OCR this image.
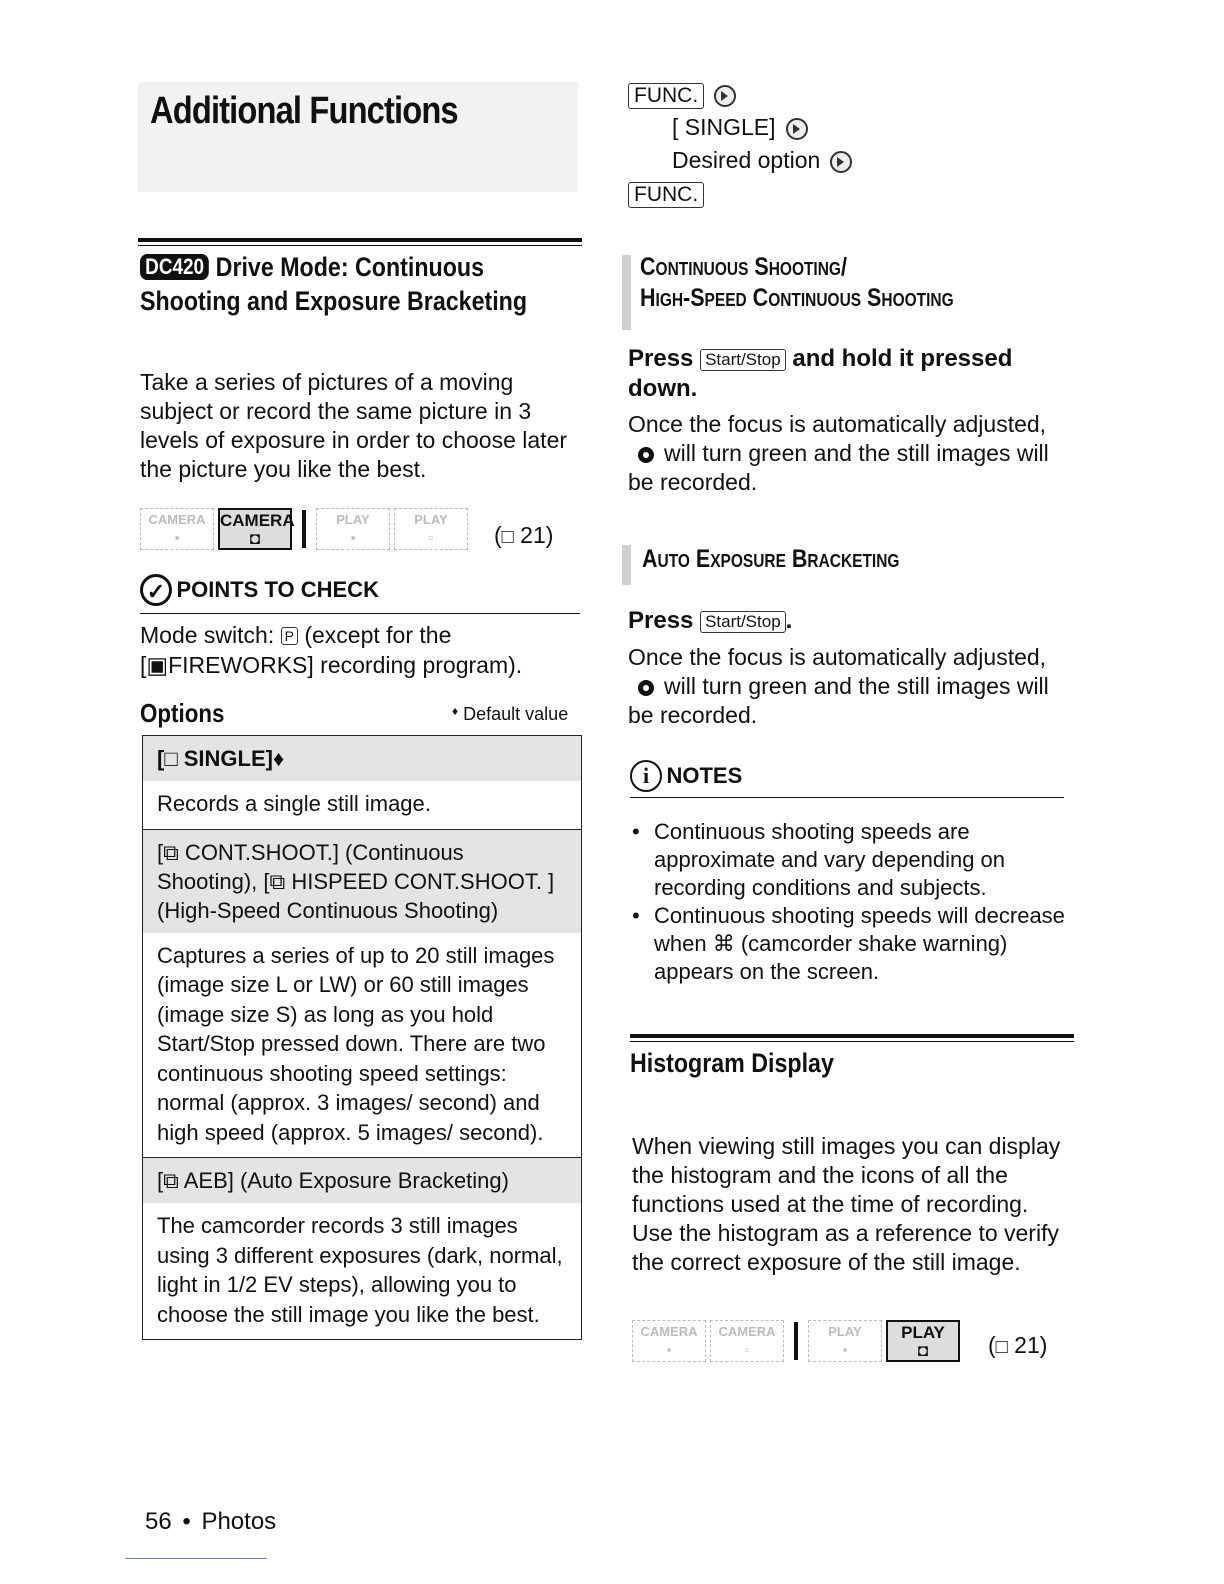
Additional Functions
DC420 Drive Mode: Continuous
Shooting and Exposure Bracketing
Take a series of pictures of a moving subject or record the same picture in 3 levels of exposure in order to choose later the picture you like the best.
CAMERA
▪
CAMERA
◘
PLAY
▪
PLAY
▫	(□ 21)
✓ POINTS TO CHECK
Mode switch: P (except for the
[▣FIREWORKS] recording program).
Options	♦ Default value
[□ SINGLE]♦
Records a single still image.
[⧉ CONT.SHOOT.] (Continuous Shooting), [⧉ HISPEED CONT.SHOOT. ] (High-Speed Continuous Shooting)
Captures a series of up to 20 still images (image size L or LW) or 60 still images (image size S) as long as you hold Start/Stop pressed down. There are two continuous shooting speed settings: normal (approx. 3 images/ second) and high speed (approx. 5 images/ second).
[⧉ AEB] (Auto Exposure Bracketing)
The camcorder records 3 still images using 3 different exposures (dark, normal, light in 1/2 EV steps), allowing you to choose the still image you like the best.
56 • Photos
FUNC.
[ SINGLE]
Desired option
FUNC.
Continuous Shooting/
High-Speed Continuous Shooting
Press Start/Stop and hold it pressed down.
Once the focus is automatically adjusted,will turn green and the still images will be recorded.
Auto Exposure Bracketing
Press Start/Stop .
Once the focus is automatically adjusted,will turn green and the still images will be recorded.
i NOTES
• Continuous shooting speeds are approximate and vary depending on recording conditions and subjects.
• Continuous shooting speeds will decrease when ⌘ (camcorder shake warning) appears on the screen.
Histogram Display
When viewing still images you can display the histogram and the icons of all the functions used at the time of recording. Use the histogram as a reference to verify the correct exposure of the still image.
CAMERA
▪
CAMERA
▫
PLAY
▪
PLAY
◘	(□ 21)
